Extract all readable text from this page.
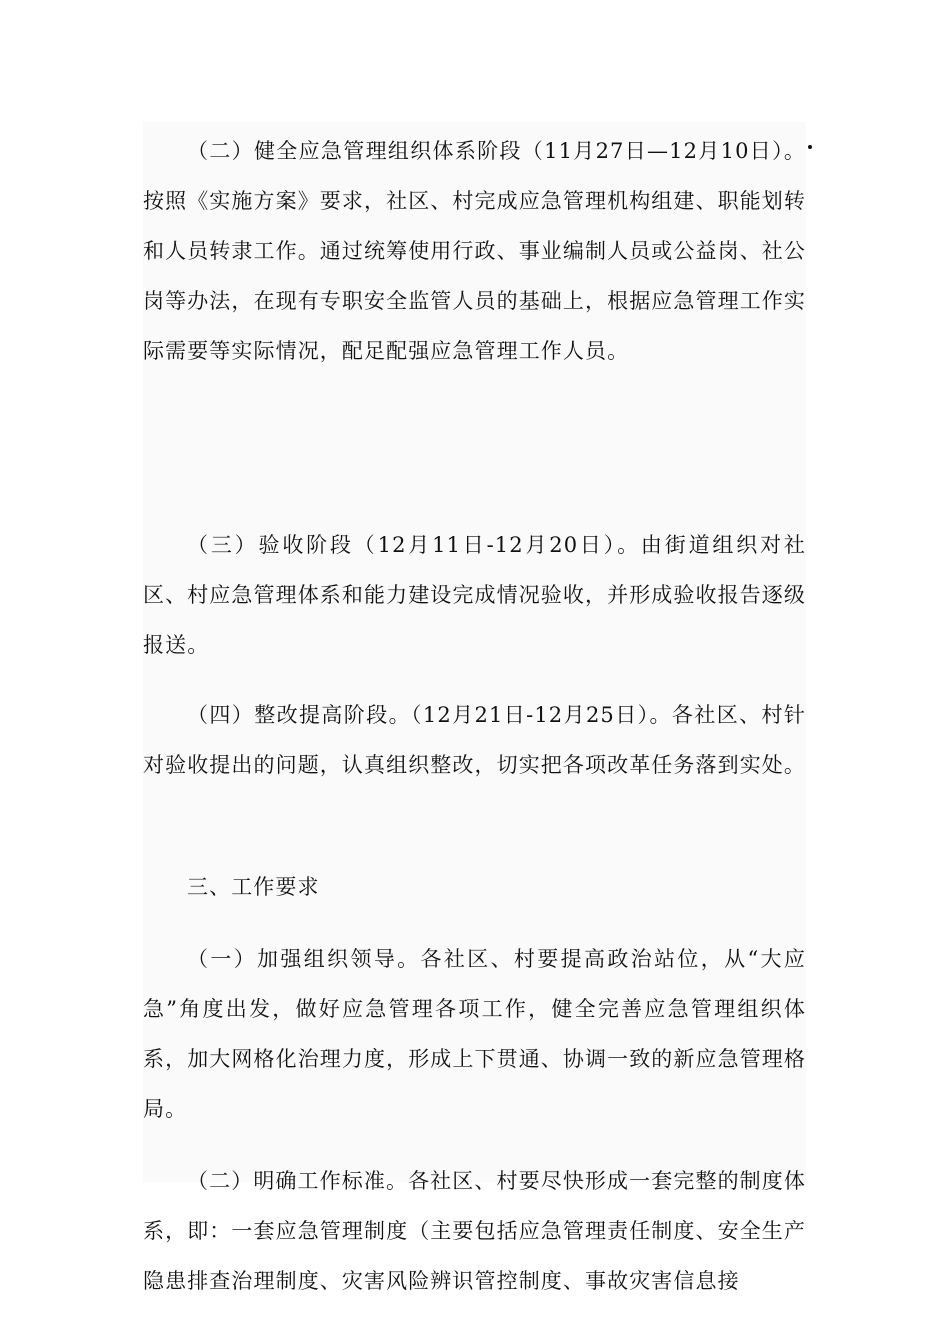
（二）健全应急管理组织体系阶段（11月27日—12月10日）。按照《实施方案》要求，社区、村完成应急管理机构组建、职能划转和人员转隶工作。通过统筹使用行政、事业编制人员或公益岗、社公岗等办法，在现有专职安全监管人员的基础上，根据应急管理工作实际需要等实际情况，配足配强应急管理工作人员。

（三）验收阶段（12月11日-12月20日）。由街道组织对社区、村应急管理体系和能力建设完成情况验收，并形成验收报告逐级报送。

（四）整改提高阶段。（12月21日-12月25日）。各社区、村针对验收提出的问题，认真组织整改，切实把各项改革任务落到实处。

三、工作要求

（一）加强组织领导。各社区、村要提高政治站位，从“大应急”角度出发，做好应急管理各项工作，健全完善应急管理组织体系，加大网格化治理力度，形成上下贯通、协调一致的新应急管理格局。

（二）明确工作标准。各社区、村要尽快形成一套完整的制度体系，即：一套应急管理制度（主要包括应急管理责任制度、安全生产隐患排查治理制度、灾害风险辨识管控制度、事故灾害信息接
